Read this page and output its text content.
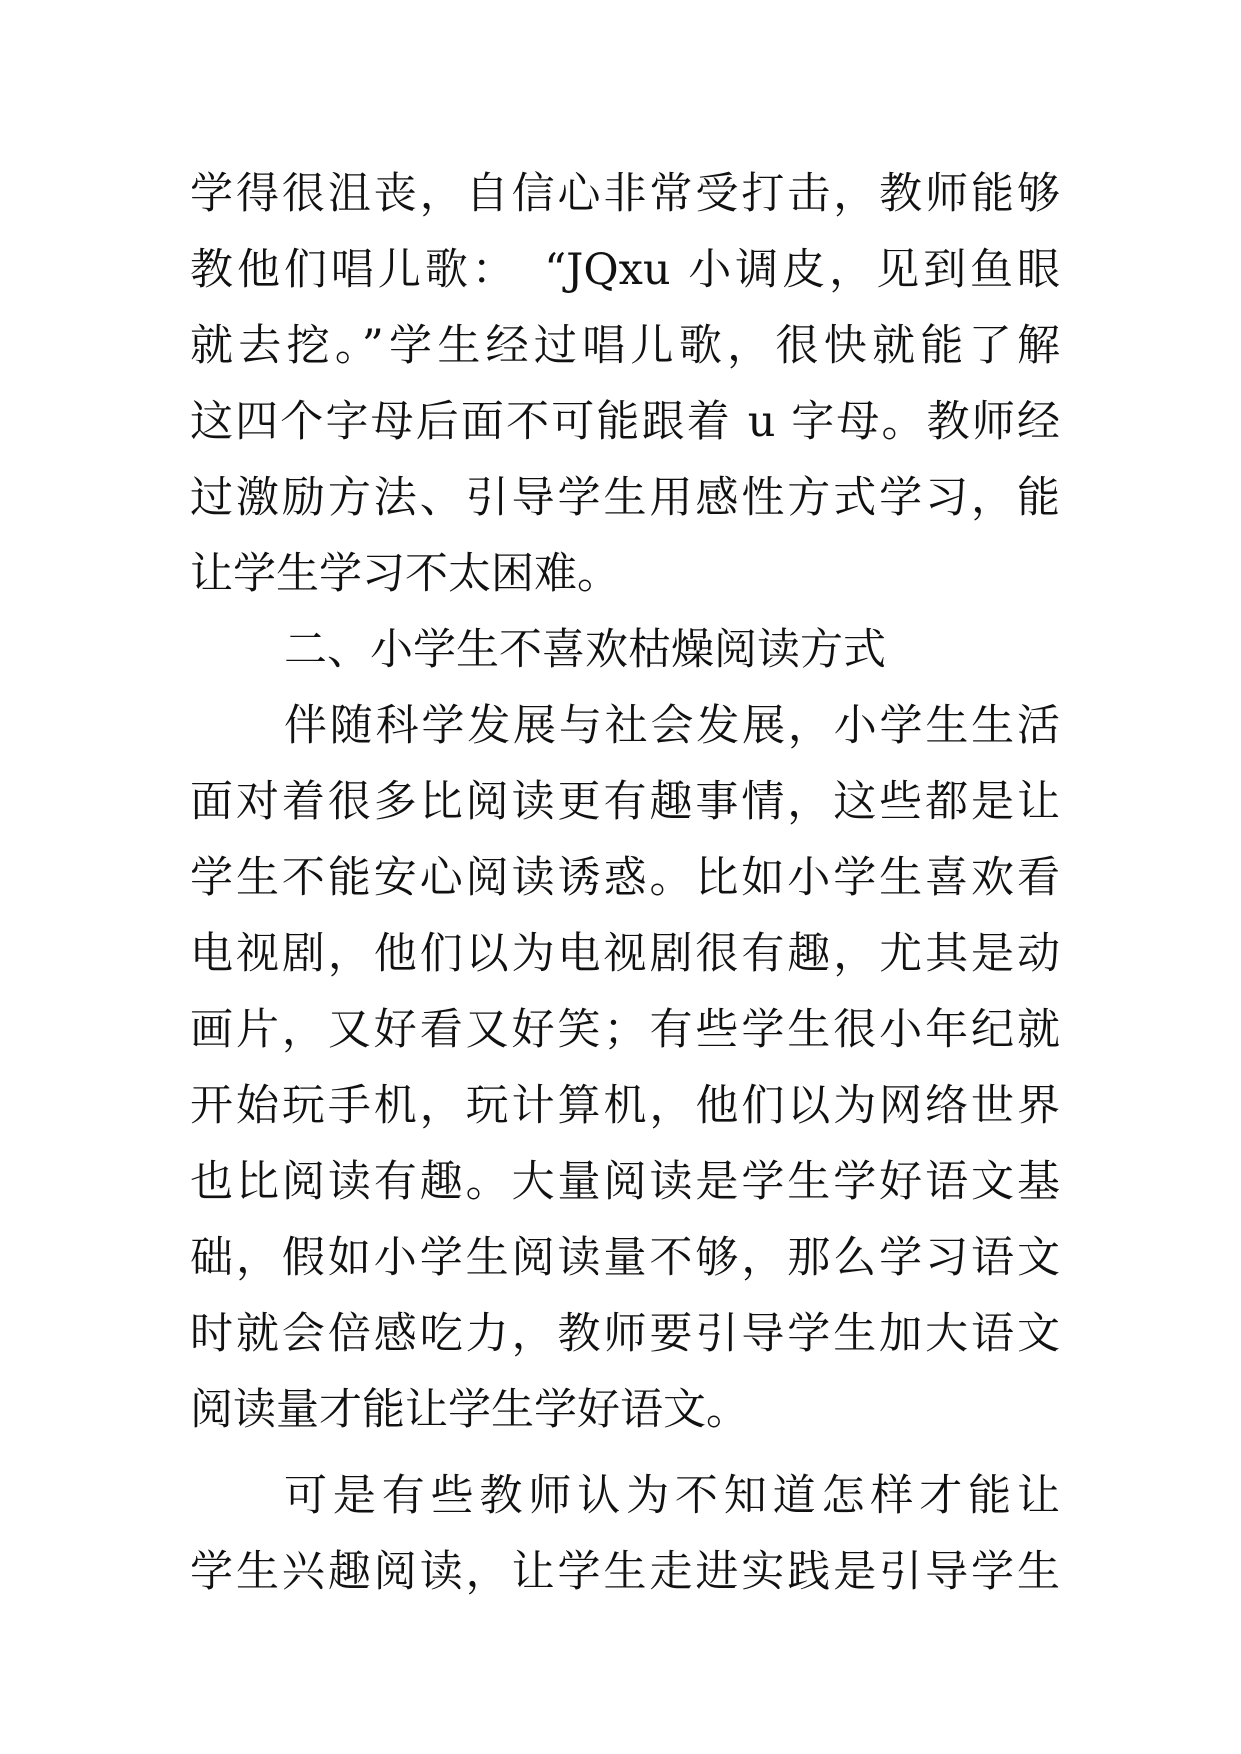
学得很沮丧，自信心非常受打击，教师能够
教他们唱儿歌：　“JQxu 小调皮，见到鱼眼
就去挖。”学生经过唱儿歌，很快就能了解
这四个字母后面不可能跟着 u 字母。教师经
过激励方法、引导学生用感性方式学习，能
让学生学习不太困难。
二、小学生不喜欢枯燥阅读方式
伴随科学发展与社会发展，小学生生活
面对着很多比阅读更有趣事情，这些都是让
学生不能安心阅读诱惑。比如小学生喜欢看
电视剧，他们以为电视剧很有趣，尤其是动
画片，又好看又好笑；有些学生很小年纪就
开始玩手机，玩计算机，他们以为网络世界
也比阅读有趣。大量阅读是学生学好语文基
础，假如小学生阅读量不够，那么学习语文
时就会倍感吃力，教师要引导学生加大语文
阅读量才能让学生学好语文。
可是有些教师认为不知道怎样才能让
学生兴趣阅读，让学生走进实践是引导学生
